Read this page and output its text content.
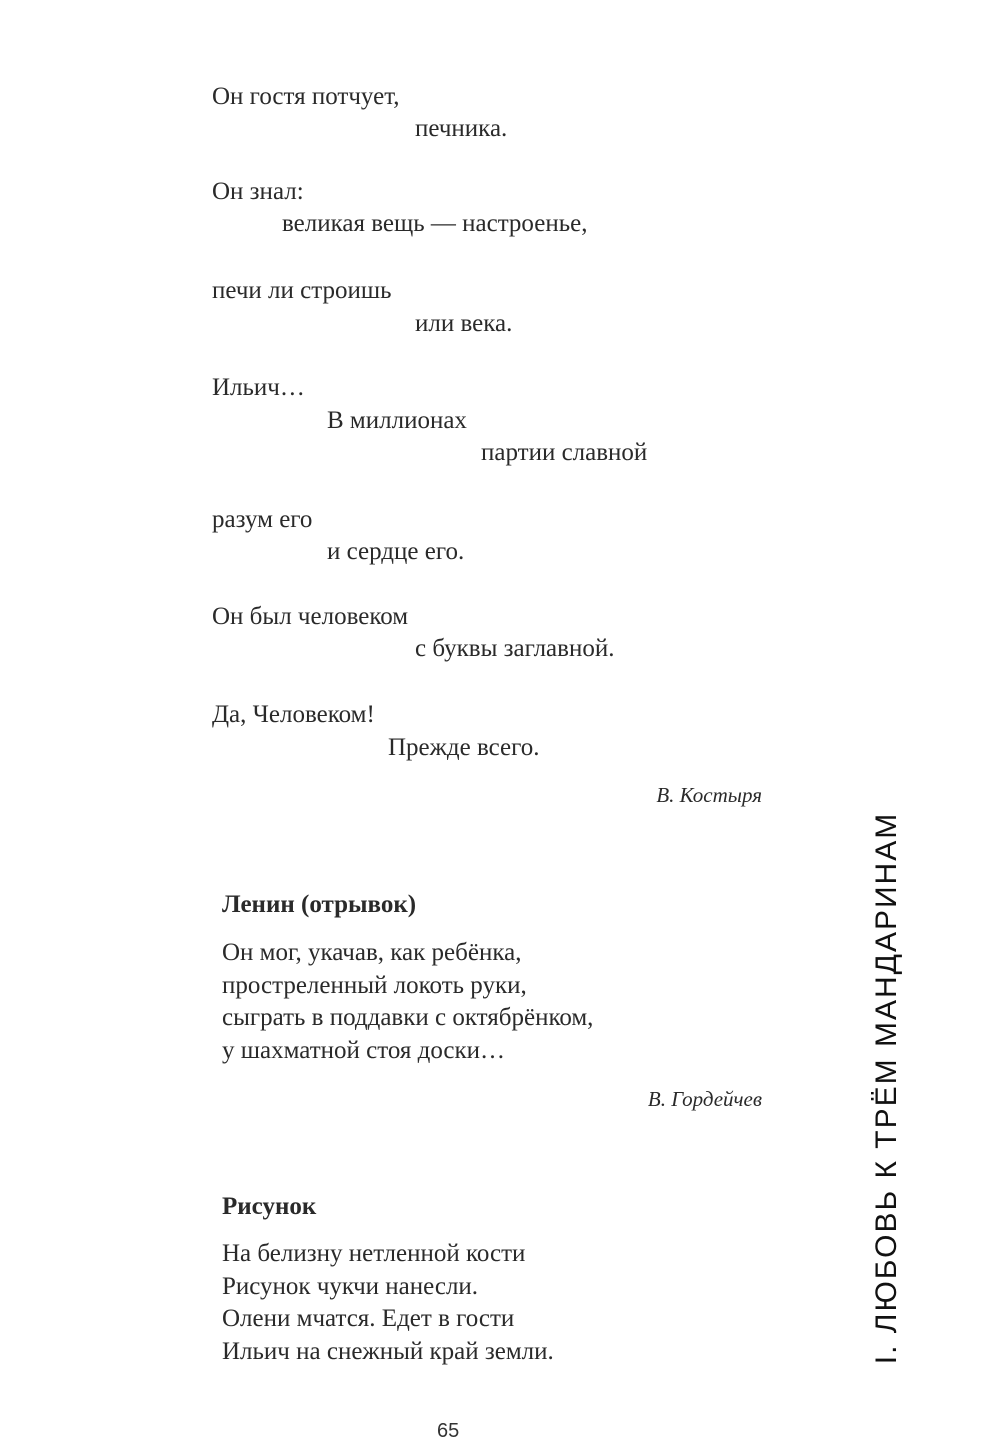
Он гостя потчует,
печника.
Он знал:
великая вещь — настроенье,
печи ли строишь
или века.
Ильич…
В миллионах
партии славной
разум его
и сердце его.
Он был человеком
с буквы заглавной.
Да, Человеком!
Прежде всего.
В. Костыря
Ленин (отрывок)
Он мог, укачав, как ребёнка,
простреленный локоть руки,
сыграть в поддавки с октябрёнком,
у шахматной стоя доски…
В. Гордейчев
Рисунок
На белизну нетленной кости
Рисунок чукчи нанесли.
Олени мчатся. Едет в гости
Ильич на снежный край земли.	I. ЛЮБОВЬ К ТРЁМ МАНДАРИНАМ
65
